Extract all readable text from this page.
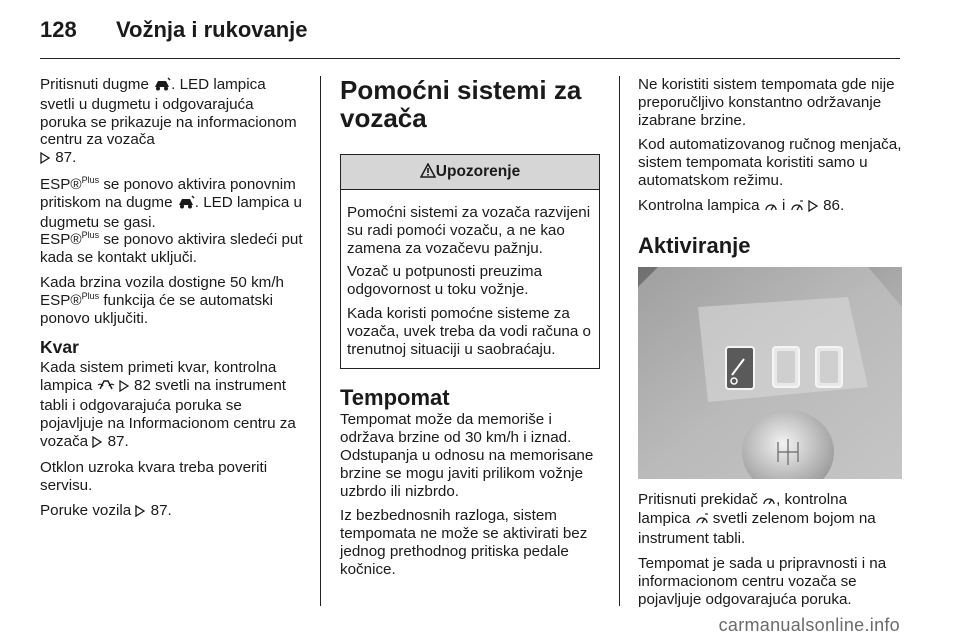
128 Vožnja i rukovanje

Pritisnuti dugme . LED lampica svetli u dugmetu i odgovarajuća poruka se prikazuje na informacionom centru za vozača
87.

ESP®$^{Plus}$ se ponovo aktivira ponovnim pritiskom na dugme . LED lampica u dugmetu se gasi.
ESP®$^{Plus}$ se ponovo aktivira sledeći put kada se kontakt uključi.

Kada brzina vozila dostigne 50 km/h ESP®$^{Plus}$ funkcija će se automatski ponovo uključiti.

Kvar

Kada sistem primeti kvar, kontrolna lampica   82 svetli na instrument tabli i odgovarajuća poruka se pojavljuje na Informacionom centru za vozača  87.

Otklon uzroka kvara treba poveriti servisu.

Poruke vozila  87.

Pomoćni sistemi za vozača
Upozorenje

Pomoćni sistemi za vozača razvijeni su radi pomoći vozaču, a ne kao zamena za vozačevu pažnju.

Vozač u potpunosti preuzima odgovornost u toku vožnje.

Kada koristi pomoćne sisteme za vozača, uvek treba da vodi računa o trenutnoj situaciji u saobraćaju.

Tempomat

Tempomat može da memoriše i održava brzine od 30 km/h i iznad. Odstupanja u odnosu na memorisane brzine se mogu javiti prilikom vožnje uzbrdo ili nizbrdo.

Iz bezbednosnih razloga, sistem tempomata ne može se aktivirati bez jednog prethodnog pritiska pedale kočnice.

Ne koristiti sistem tempomata gde nije preporučljivo konstantno održavanje izabrane brzine.

Kod automatizovanog ručnog menjača, sistem tempomata koristiti samo u automatskom režimu.

Kontrolna lampica  i   86.

Aktiviranje

Pritisnuti prekidač , kontrolna lampica  svetli zelenom bojom na instrument tabli.

Tempomat je sada u pripravnosti i na informacionom centru vozača se pojavljuje odgovarajuća poruka.

carmanualsonline.info
